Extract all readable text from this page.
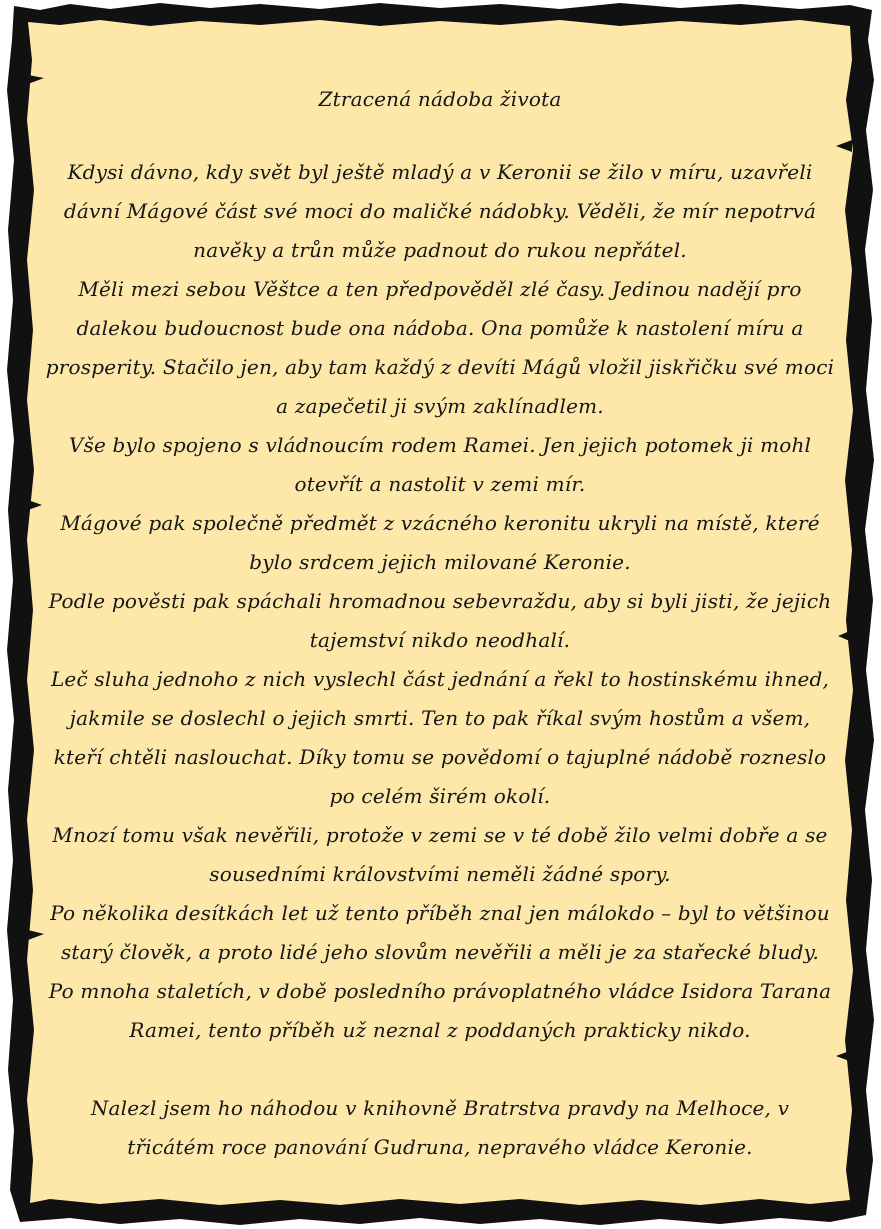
Ztracená nádoba života

Kdysi dávno, kdy svět byl ještě mladý a v Keronii se žilo v míru, uzavřeli dávní Mágové část své moci do maličké nádobky. Věděli, že mír nepotrvá navěky a trůn může padnout do rukou nepřátel.

Měli mezi sebou Věštce a ten předpověděl zlé časy. Jedinou nadějí pro dalekou budoucnost bude ona nádoba. Ona pomůže k nastolení míru a prosperity. Stačilo jen, aby tam každý z devíti Mágů vložil jiskřičku své moci a zapečetil ji svým zaklínadlem.

Vše bylo spojeno s vládnoucím rodem Ramei. Jen jejich potomek ji mohl otevřít a nastolit v zemi mír.

Mágové pak společně předmět z vzácného keronitu ukryli na místě, které bylo srdcem jejich milované Keronie.

Podle pověsti pak spáchali hromadnou sebevraždu, aby si byli jisti, že jejich tajemství nikdo neodhalí.

Leč sluha jednoho z nich vyslechl část jednání a řekl to hostinskému ihned, jakmile se doslechl o jejich smrti. Ten to pak říkal svým hostům a všem, kteří chtěli naslouchat. Díky tomu se povědomí o tajuplné nádobě rozneslo po celém širém okolí.

Mnozí tomu však nevěřili, protože v zemi se v té době žilo velmi dobře a se sousedními královstvími neměli žádné spory.

Po několika desítkách let už tento příběh znal jen málokdo – byl to většinou starý člověk, a proto lidé jeho slovům nevěřili a měli je za stařecké bludy.

Po mnoha staletích, v době posledního právoplatného vládce Isidora Tarana Ramei, tento příběh už neznal z poddaných prakticky nikdo.

Nalezl jsem ho náhodou v knihovně Bratrstva pravdy na Melhoce, v třicátém roce panování Gudruna, nepravého vládce Keronie.
